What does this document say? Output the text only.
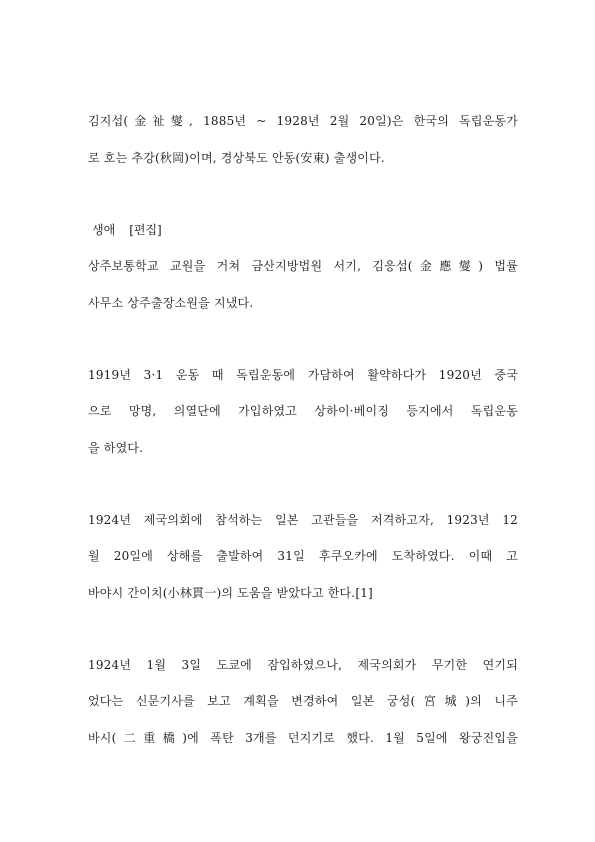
김지섭(金祉燮, 1885년 ~ 1928년 2월 20일)은 한국의 독립운동가
로 호는 추강(秋岡)이며, 경상북도 안동(安東) 출생이다.
생애 [편집]
상주보통학교 교원을 거쳐 금산지방법원 서기, 김응섭(金應燮) 법률
사무소 상주출장소원을 지냈다.
1919년 3·1 운동 때 독립운동에 가담하여 활약하다가 1920년 중국
으로 망명, 의열단에 가입하였고 상하이·베이징 등지에서 독립운동
을 하였다.
1924년 제국의회에 참석하는 일본 고관들을 저격하고자, 1923년 12
월 20일에 상해를 출발하여 31일 후쿠오카에 도착하였다. 이때 고
바야시 간이치(小林貫一)의 도움을 받았다고 한다.[1]
1924년 1월 3일 도쿄에 잠입하였으나, 제국의회가 무기한 연기되
었다는 신문기사를 보고 계획을 변경하여 일본 궁성(宮城)의 니주
바시(二重橋)에 폭탄 3개를 던지기로 했다. 1월 5일에 왕궁진입을
